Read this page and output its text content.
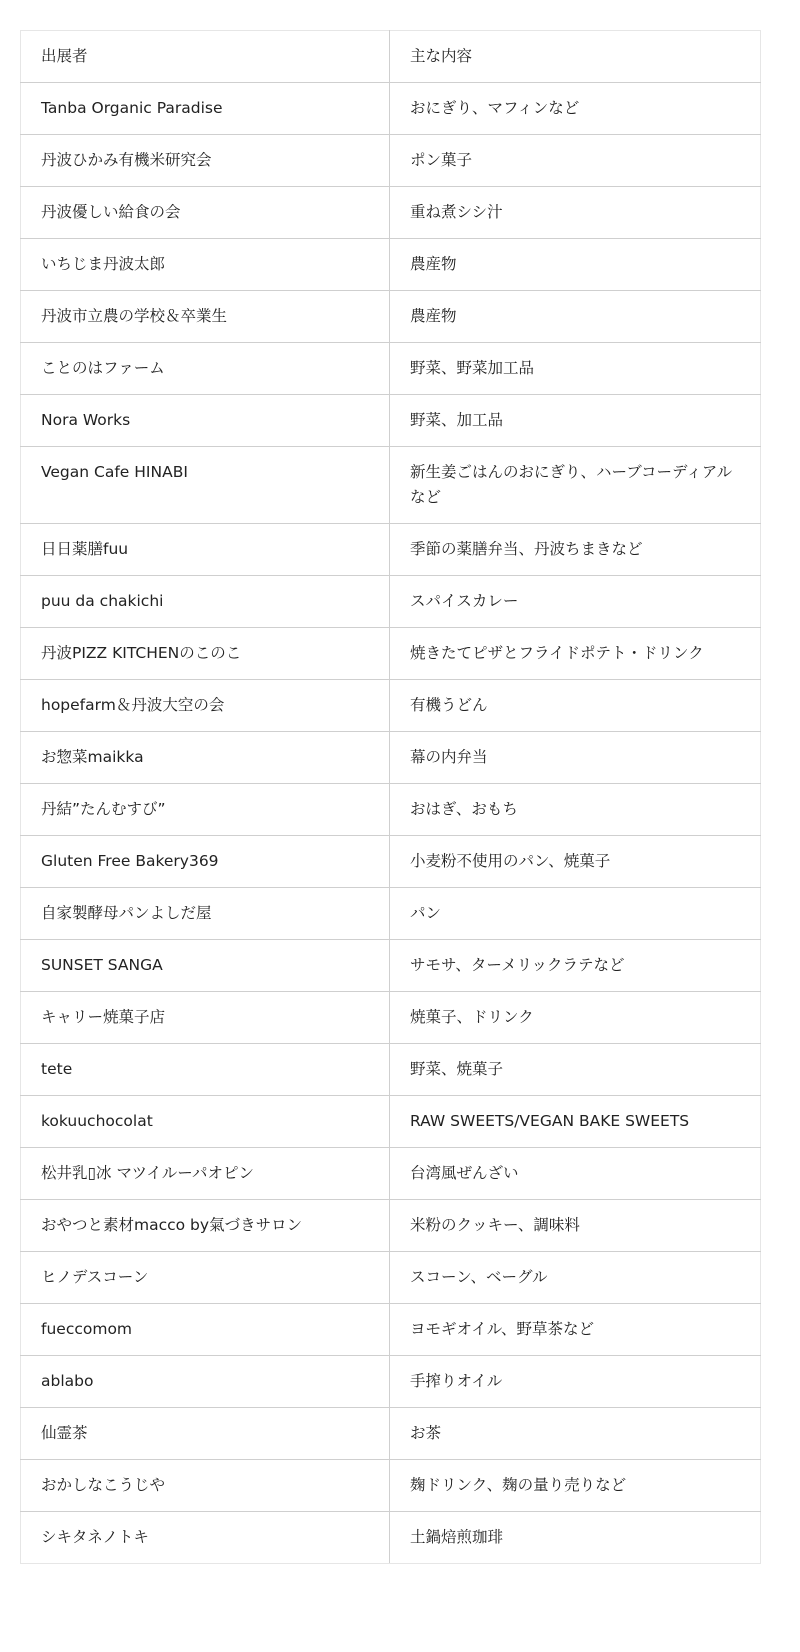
出展者	主な内容
Tanba Organic Paradise	おにぎり、マフィンなど
丹波ひかみ有機米研究会	ポン菓子
丹波優しい給食の会	重ね煮シシ汁
いちじま丹波太郎	農産物
丹波市立農の学校＆卒業生	農産物
ことのはファーム	野菜、野菜加工品
Nora Works	野菜、加工品
Vegan Cafe HINABI	新生姜ごはんのおにぎり、ハーブコーディアルなど
日日薬膳fuu	季節の薬膳弁当、丹波ちまきなど
puu da chakichi	スパイスカレー
丹波PIZZ KITCHENのこのこ	焼きたてピザとフライドポテト・ドリンク
hopefarm＆丹波大空の会	有機うどん
お惣菜maikka	幕の内弁当
丹結”たんむすび”	おはぎ、おもち
Gluten Free Bakery369	小麦粉不使用のパン、焼菓子
自家製酵母パンよしだ屋	パン
SUNSET SANGA	サモサ、ターメリックラテなど
キャリー焼菓子店	焼菓子、ドリンク
tete	野菜、焼菓子
kokuuchocolat	RAW SWEETS/VEGAN BAKE SWEETS
松井乳▯冰 マツイルーパオピン	台湾風ぜんざい
おやつと素材macco by氣づきサロン	米粉のクッキー、調味料
ヒノデスコーン	スコーン、ベーグル
fueccomom	ヨモギオイル、野草茶など
ablabo	手搾りオイル
仙霊茶	お茶
おかしなこうじや	麹ドリンク、麹の量り売りなど
シキタネノトキ	土鍋焙煎珈琲
